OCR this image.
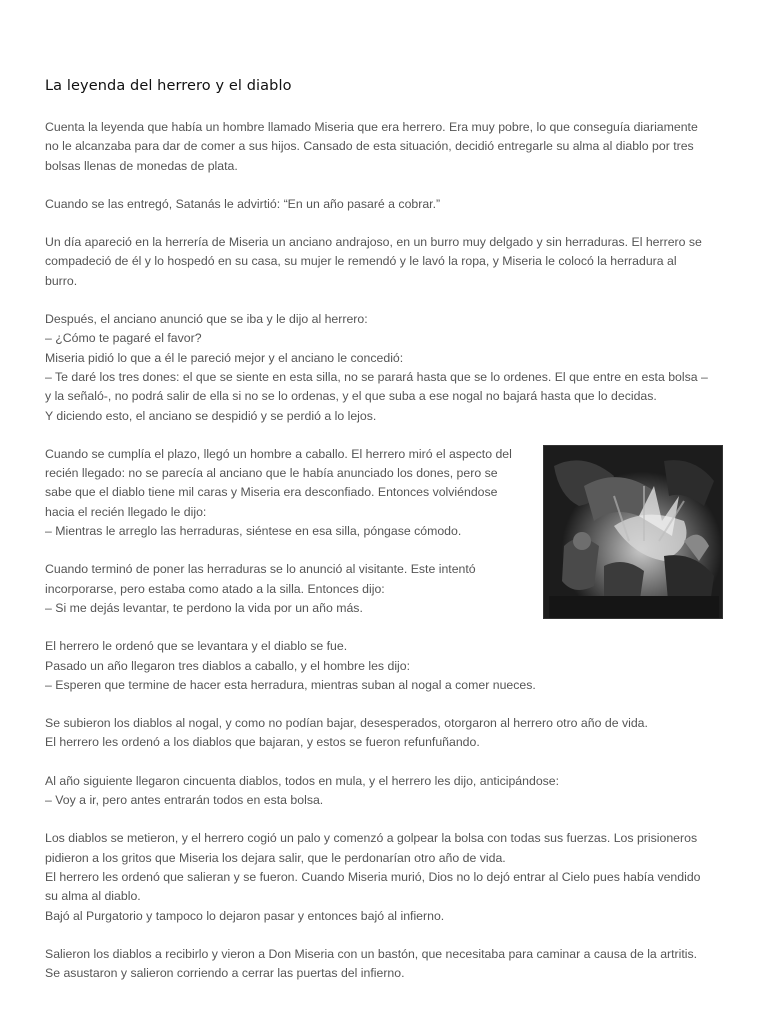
La leyenda del herrero y el diablo

Cuenta la leyenda que había un hombre llamado Miseria que era herrero. Era muy pobre, lo que conseguía diariamente
no le alcanzaba para dar de comer a sus hijos. Cansado de esta situación, decidió entregarle su alma al diablo por tres
bolsas llenas de monedas de plata.

Cuando se las entregó, Satanás le advirtió: “En un año pasaré a cobrar.”

Un día apareció en la herrería de Miseria un anciano andrajoso, en un burro muy delgado y sin herraduras. El herrero se
compadeció de él y lo hospedó en su casa, su mujer le remendó y le lavó la ropa, y Miseria le colocó la herradura al
burro.

Después, el anciano anunció que se iba y le dijo al herrero:
– ¿Cómo te pagaré el favor?
Miseria pidió lo que a él le pareció mejor y el anciano le concedió:
– Te daré los tres dones: el que se siente en esta silla, no se parará hasta que se lo ordenes. El que entre en esta bolsa –
y la señaló-, no podrá salir de ella si no se lo ordenas, y el que suba a ese nogal no bajará hasta que lo decidas.
Y diciendo esto, el anciano se despidió y se perdió a lo lejos.

Cuando se cumplía el plazo, llegó un hombre a caballo. El herrero miró el aspecto del
recién llegado: no se parecía al anciano que le había anunciado los dones, pero se
sabe que el diablo tiene mil caras y Miseria era desconfiado. Entonces volviéndose
hacia el recién llegado le dijo:
– Mientras le arreglo las herraduras, siéntese en esa silla, póngase cómodo.

Cuando terminó de poner las herraduras se lo anunció al visitante. Este intentó
incorporarse, pero estaba como atado a la silla. Entonces dijo:
– Si me dejás levantar, te perdono la vida por un año más.

El herrero le ordenó que se levantara y el diablo se fue.
Pasado un año llegaron tres diablos a caballo, y el hombre les dijo:
– Esperen que termine de hacer esta herradura, mientras suban al nogal a comer nueces.

Se subieron los diablos al nogal, y como no podían bajar, desesperados, otorgaron al herrero otro año de vida.
El herrero les ordenó a los diablos que bajaran, y estos se fueron refunfuñando.

Al año siguiente llegaron cincuenta diablos, todos en mula, y el herrero les dijo, anticipándose:
– Voy a ir, pero antes entrarán todos en esta bolsa.

Los diablos se metieron, y el herrero cogió un palo y comenzó a golpear la bolsa con todas sus fuerzas. Los prisioneros
pidieron a los gritos que Miseria los dejara salir, que le perdonarían otro año de vida.
El herrero les ordenó que salieran y se fueron. Cuando Miseria murió, Dios no lo dejó entrar al Cielo pues había vendido
su alma al diablo.
Bajó al Purgatorio y tampoco lo dejaron pasar y entonces bajó al infierno.

Salieron los diablos a recibirlo y vieron a Don Miseria con un bastón, que necesitaba para caminar a causa de la artritis.
Se asustaron y salieron corriendo a cerrar las puertas del infierno.
